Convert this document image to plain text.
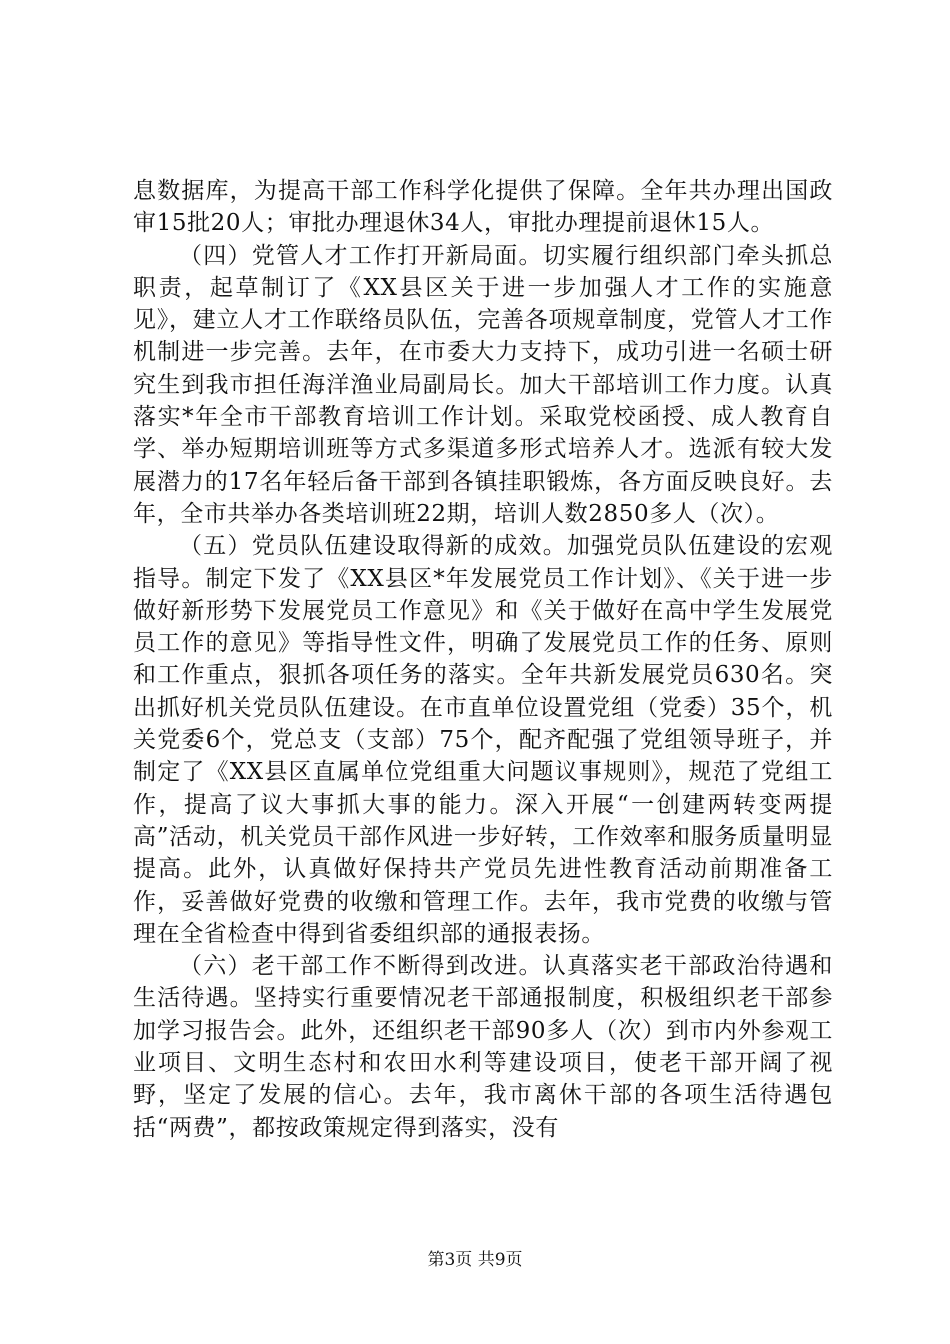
息数据库，为提高干部工作科学化提供了保障。全年共办理出国政审15批20人；审批办理退休34人，审批办理提前退休15人。

（四）党管人才工作打开新局面。切实履行组织部门牵头抓总职责，起草制订了《XX县区关于进一步加强人才工作的实施意见》，建立人才工作联络员队伍，完善各项规章制度，党管人才工作机制进一步完善。去年，在市委大力支持下，成功引进一名硕士研究生到我市担任海洋渔业局副局长。加大干部培训工作力度。认真落实*年全市干部教育培训工作计划。采取党校函授、成人教育自学、举办短期培训班等方式多渠道多形式培养人才。选派有较大发展潜力的17名年轻后备干部到各镇挂职锻炼，各方面反映良好。去年，全市共举办各类培训班22期，培训人数2850多人（次）。

（五）党员队伍建设取得新的成效。加强党员队伍建设的宏观指导。制定下发了《XX县区*年发展党员工作计划》、《关于进一步做好新形势下发展党员工作意见》和《关于做好在高中学生发展党员工作的意见》等指导性文件，明确了发展党员工作的任务、原则和工作重点，狠抓各项任务的落实。全年共新发展党员630名。突出抓好机关党员队伍建设。在市直单位设置党组（党委）35个，机关党委6个，党总支（支部）75个，配齐配强了党组领导班子，并制定了《XX县区直属单位党组重大问题议事规则》，规范了党组工作，提高了议大事抓大事的能力。深入开展“一创建两转变两提高”活动，机关党员干部作风进一步好转，工作效率和服务质量明显提高。此外，认真做好保持共产党员先进性教育活动前期准备工作，妥善做好党费的收缴和管理工作。去年，我市党费的收缴与管理在全省检查中得到省委组织部的通报表扬。

（六）老干部工作不断得到改进。认真落实老干部政治待遇和生活待遇。坚持实行重要情况老干部通报制度，积极组织老干部参加学习报告会。此外，还组织老干部90多人（次）到市内外参观工业项目、文明生态村和农田水利等建设项目，使老干部开阔了视野，坚定了发展的信心。去年，我市离休干部的各项生活待遇包括“两费”，都按政策规定得到落实，没有

第3页 共9页
